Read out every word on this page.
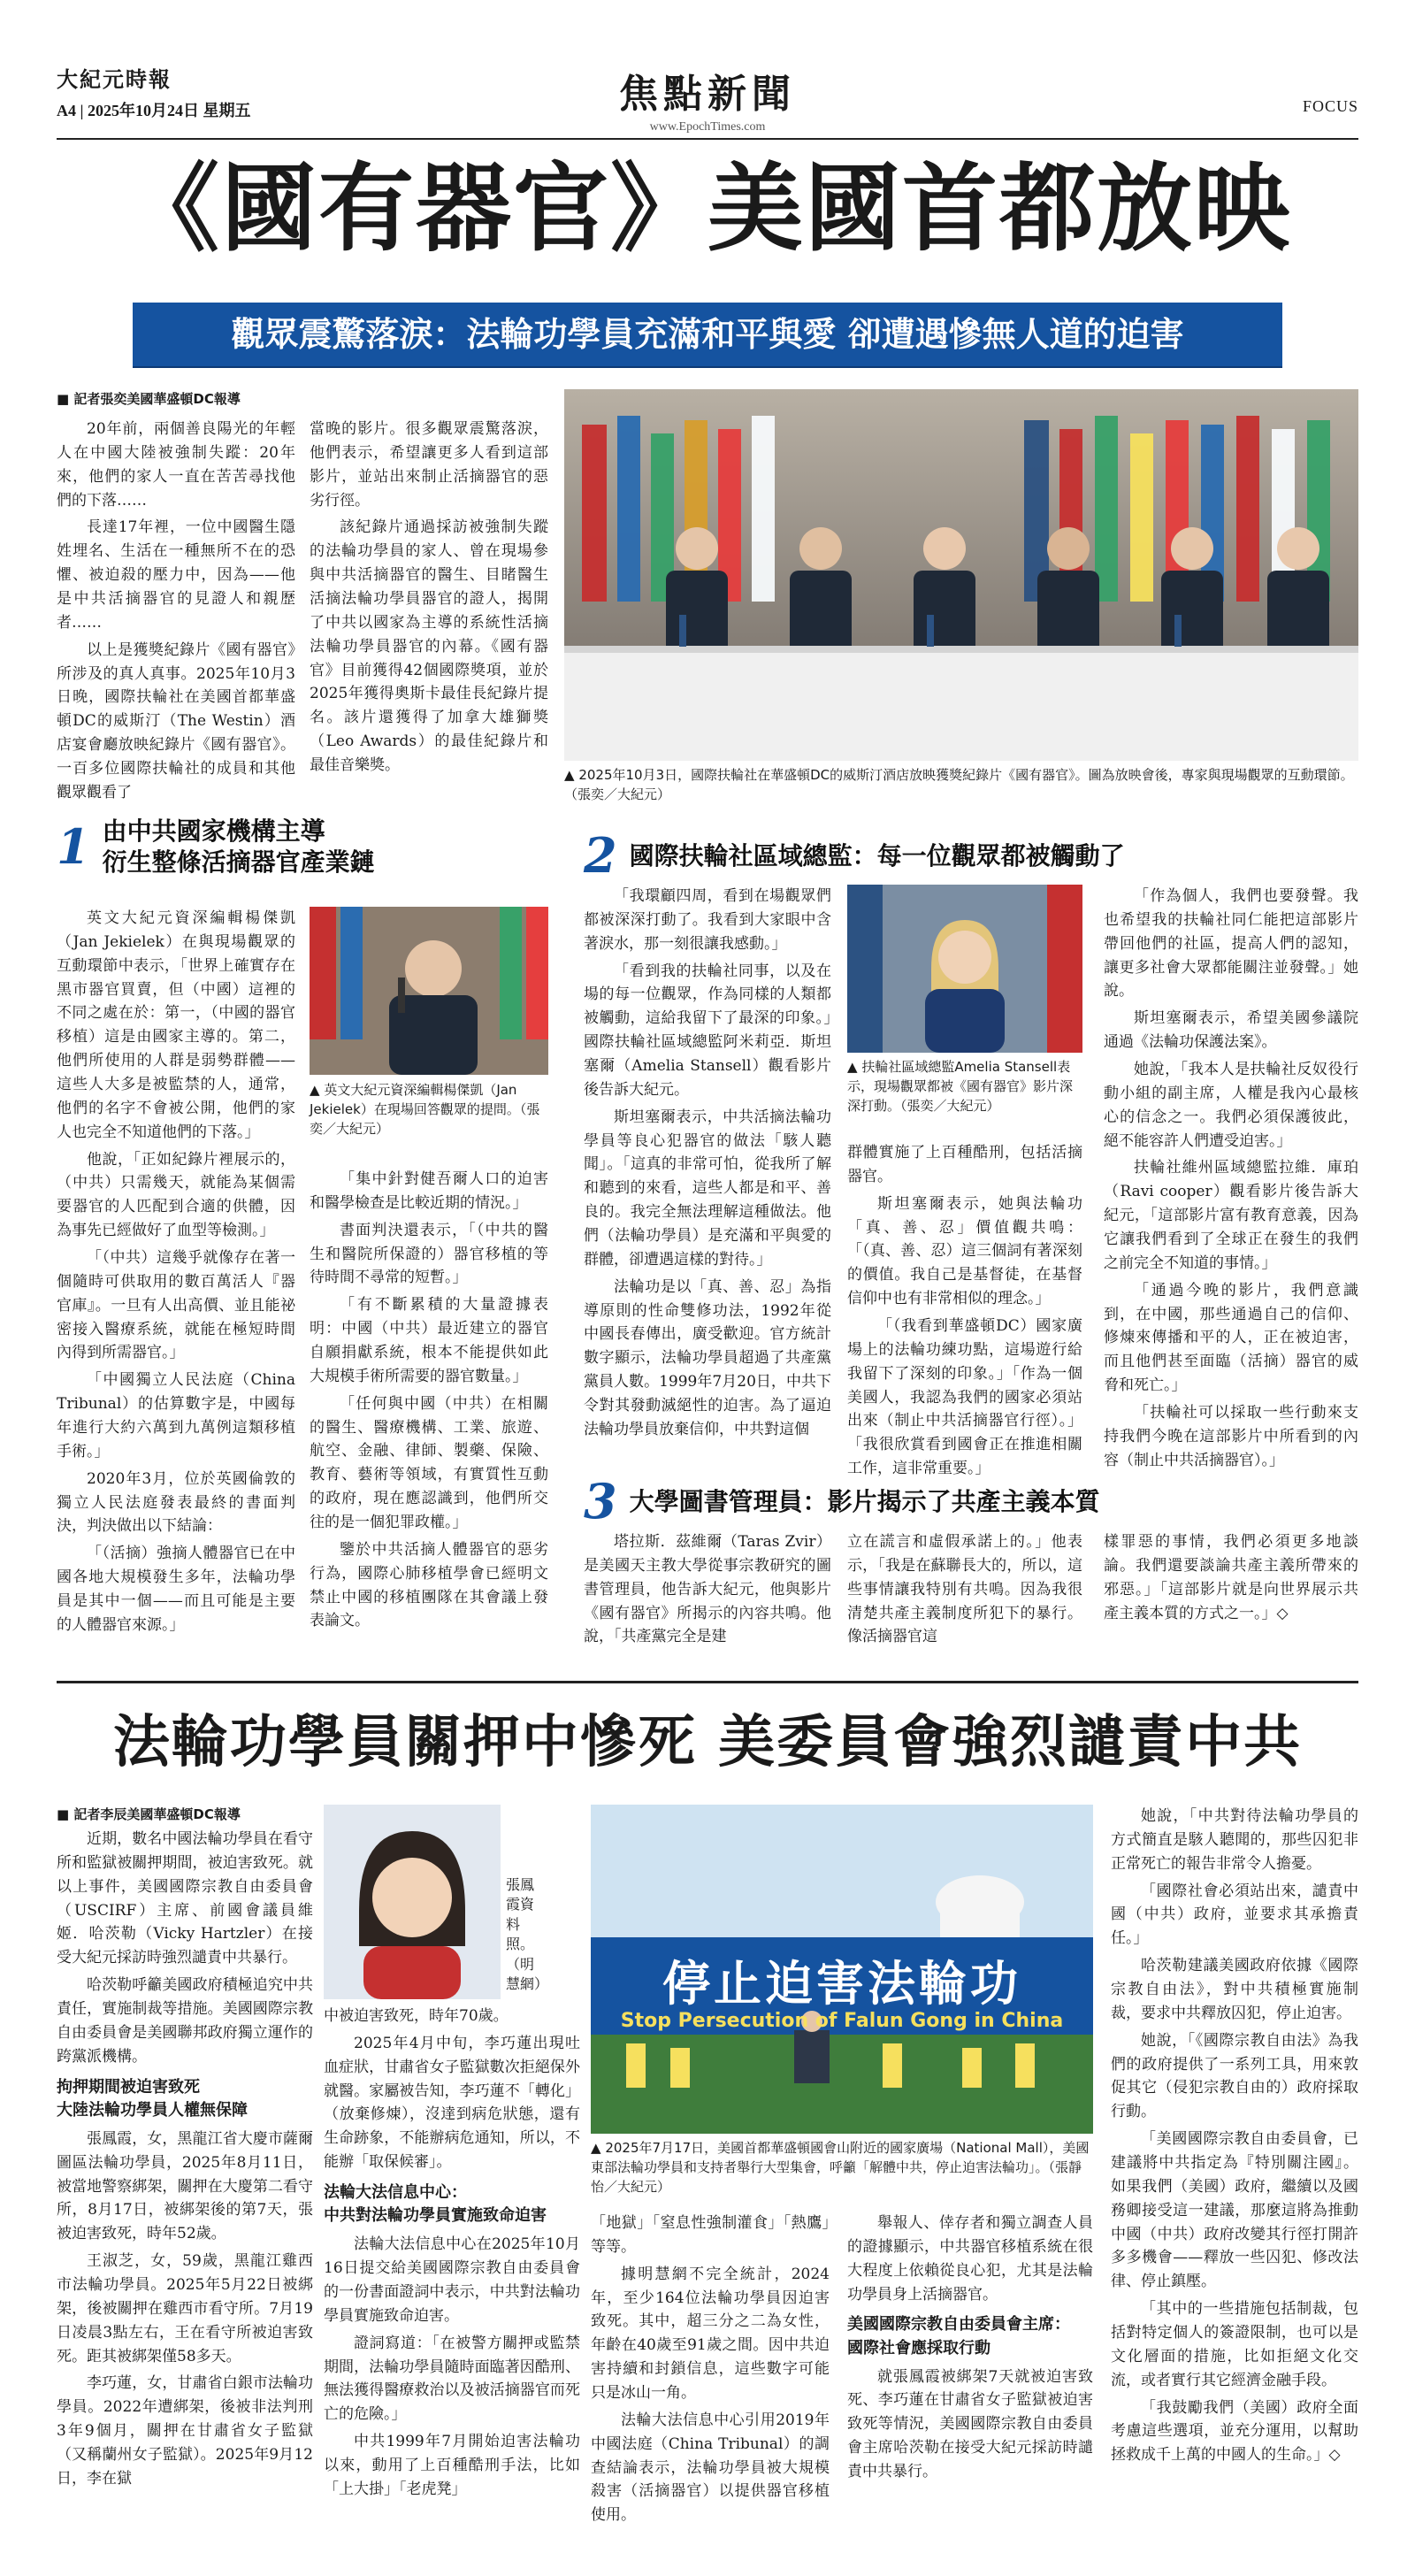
大紀元時報
A4 | 2025年10月24日 星期五	焦點新聞
www.EpochTimes.com
FOCUS
《國有器官》美國首都放映
觀眾震驚落淚：法輪功學員充滿和平與愛 卻遭遇慘無人道的迫害
■ 記者張奕美國華盛頓DC報導

20年前，兩個善良陽光的年輕人在中國大陸被強制失蹤：20年來，他們的家人一直在苦苦尋找他們的下落……

長達17年裡，一位中國醫生隱姓埋名、生活在一種無所不在的恐懼、被迫殺的壓力中，因為——他是中共活摘器官的見證人和親歷者……

以上是獲獎紀錄片《國有器官》所涉及的真人真事。2025年10月3日晚，國際扶輪社在美國首都華盛頓DC的威斯汀（The Westin）酒店宴會廳放映紀錄片《國有器官》。一百多位國際扶輪社的成員和其他觀眾觀看了

當晚的影片。很多觀眾震驚落淚，他們表示，希望讓更多人看到這部影片，並站出來制止活摘器官的惡劣行徑。

該紀錄片通過採訪被強制失蹤的法輪功學員的家人、曾在現場參與中共活摘器官的醫生、目睹醫生活摘法輪功學員器官的證人，揭開了中共以國家為主導的系統性活摘法輪功學員器官的內幕。《國有器官》目前獲得42個國際獎項，並於2025年獲得奧斯卡最佳長紀錄片提名。該片還獲得了加拿大雄獅獎（Leo Awards）的最佳紀錄片和最佳音樂獎。

▲ 2025年10月3日，國際扶輪社在華盛頓DC的威斯汀酒店放映獲獎紀錄片《國有器官》。圖為放映會後，專家與現場觀眾的互動環節。（張奕／大紀元）
1 由中共國家機構主導
衍生整條活摘器官產業鏈

英文大紀元資深編輯楊傑凱（Jan Jekielek）在與現場觀眾的互動環節中表示，「世界上確實存在黑市器官買賣，但（中國）這裡的不同之處在於：第一，（中國的器官移植）這是由國家主導的。第二，他們所使用的人群是弱勢群體——這些人大多是被監禁的人，通常，他們的名字不會被公開，他們的家人也完全不知道他們的下落。」

他說，「正如紀錄片裡展示的，（中共）只需幾天，就能為某個需要器官的人匹配到合適的供體，因為事先已經做好了血型等檢測。」

「（中共）這幾乎就像存在著一個隨時可供取用的數百萬活人『器官庫』。一旦有人出高價、並且能祕密接入醫療系統，就能在極短時間內得到所需器官。」

「中國獨立人民法庭（China Tribunal）的估算數字是，中國每年進行大約六萬到九萬例這類移植手術。」

2020年3月，位於英國倫敦的獨立人民法庭發表最終的書面判決，判決做出以下結論：

「（活摘）強摘人體器官已在中國各地大規模發生多年，法輪功學員是其中一個——而且可能是主要的人體器官來源。」

▲ 英文大紀元資深編輯楊傑凱（Jan Jekielek）在現場回答觀眾的提問。（張奕／大紀元）

「集中針對健吾爾人口的迫害和醫學檢查是比較近期的情況。」

書面判決還表示，「（中共的醫生和醫院所保證的）器官移植的等待時間不尋常的短暫。」

「有不斷累積的大量證據表明：中國（中共）最近建立的器官自願捐獻系統，根本不能提供如此大規模手術所需要的器官數量。」

「任何與中國（中共）在相關的醫生、醫療機構、工業、旅遊、航空、金融、律師、製藥、保險、教育、藝術等領域，有實質性互動的政府，現在應認識到，他們所交往的是一個犯罪政權。」

鑒於中共活摘人體器官的惡劣行為，國際心肺移植學會已經明文禁止中國的移植團隊在其會議上發表論文。

2 國際扶輪社區域總監：每一位觀眾都被觸動了

「我環顧四周，看到在場觀眾們都被深深打動了。我看到大家眼中含著淚水，那一刻很讓我感動。」

「看到我的扶輪社同事，以及在場的每一位觀眾，作為同樣的人類都被觸動，這給我留下了最深的印象。」國際扶輪社區域總監阿米莉亞．斯坦塞爾（Amelia Stansell）觀看影片後告訴大紀元。

斯坦塞爾表示，中共活摘法輪功學員等良心犯器官的做法「駭人聽聞」。「這真的非常可怕，從我所了解和聽到的來看，這些人都是和平、善良的。我完全無法理解這種做法。他們（法輪功學員）是充滿和平與愛的群體，卻遭遇這樣的對待。」

法輪功是以「真、善、忍」為指導原則的性命雙修功法，1992年從中國長春傳出，廣受歡迎。官方統計數字顯示，法輪功學員超過了共產黨黨員人數。1999年7月20日，中共下令對其發動滅絕性的迫害。為了逼迫法輪功學員放棄信仰，中共對這個

▲ 扶輪社區域總監Amelia Stansell表示，現場觀眾都被《國有器官》影片深深打動。（張奕／大紀元）

群體實施了上百種酷刑，包括活摘器官。

斯坦塞爾表示，她與法輪功「真、善、忍」價值觀共鳴：「（真、善、忍）這三個詞有著深刻的價值。我自己是基督徒，在基督信仰中也有非常相似的理念。」

「（我看到華盛頓DC）國家廣場上的法輪功練功點，這場遊行給我留下了深刻的印象。」「作為一個美國人，我認為我們的國家必須站出來（制止中共活摘器官行徑）。」「我很欣賞看到國會正在推進相關工作，這非常重要。」

「作為個人，我們也要發聲。我也希望我的扶輪社同仁能把這部影片帶回他們的社區，提高人們的認知，讓更多社會大眾都能關注並發聲。」她說。

斯坦塞爾表示，希望美國參議院通過《法輪功保護法案》。

她說，「我本人是扶輪社反奴役行動小組的副主席，人權是我內心最核心的信念之一。我們必須保護彼此，絕不能容許人們遭受迫害。」

扶輪社維州區域總監拉維．庫珀（Ravi cooper）觀看影片後告訴大紀元，「這部影片富有教育意義，因為它讓我們看到了全球正在發生的我們之前完全不知道的事情。」

「通過今晚的影片，我們意識到，在中國，那些通過自己的信仰、修煉來傳播和平的人，正在被迫害，而且他們甚至面臨（活摘）器官的威脅和死亡。」

「扶輪社可以採取一些行動來支持我們今晚在這部影片中所看到的內容（制止中共活摘器官）。」

3 大學圖書管理員：影片揭示了共產主義本質

塔拉斯．茲維爾（Taras Zvir）是美國天主教大學從事宗教研究的圖書管理員，他告訴大紀元，他與影片《國有器官》所揭示的內容共鳴。他說，「共產黨完全是建

立在謊言和虛假承諾上的。」他表示，「我是在蘇聯長大的，所以，這些事情讓我特別有共鳴。因為我很清楚共產主義制度所犯下的暴行。像活摘器官這

樣罪惡的事情，我們必須更多地談論。我們還要談論共產主義所帶來的邪惡。」「這部影片就是向世界展示共產主義本質的方式之一。」◇

法輪功學員關押中慘死 美委員會強烈譴責中共
■ 記者李辰美國華盛頓DC報導

近期，數名中國法輪功學員在看守所和監獄被關押期間，被迫害致死。就以上事件，美國國際宗教自由委員會（USCIRF）主席、前國會議員維姬．哈茨勒（Vicky Hartzler）在接受大紀元採訪時強烈譴責中共暴行。

哈茨勒呼籲美國政府積極追究中共責任，實施制裁等措施。美國國際宗教自由委員會是美國聯邦政府獨立運作的跨黨派機構。

拘押期間被迫害致死
大陸法輪功學員人權無保障

張鳳霞，女，黑龍江省大慶市薩爾圖區法輪功學員，2025年8月11日，被當地警察綁架，關押在大慶第二看守所，8月17日，被綁架後的第7天，張被迫害致死，時年52歲。

王淑芝，女，59歲，黑龍江雞西市法輪功學員。2025年5月22日被綁架，後被關押在雞西市看守所。7月19日凌晨3點左右，王在看守所被迫害致死。距其被綁架僅58多天。

李巧蓮，女，甘肅省白銀市法輪功學員。2022年遭綁架，後被非法判刑3年9個月，關押在甘肅省女子監獄（又稱蘭州女子監獄）。2025年9月12日，李在獄

張鳳霞資料照。（明慧網）

中被迫害致死，時年70歲。

2025年4月中旬，李巧蓮出現吐血症狀，甘肅省女子監獄數次拒絕保外就醫。家屬被告知，李巧蓮不「轉化」（放棄修煉），沒達到病危狀態，還有生命跡象，不能辦病危通知，所以，不能辦「取保候審」。

法輪大法信息中心：
中共對法輪功學員實施致命迫害

法輪大法信息中心在2025年10月16日提交給美國國際宗教自由委員會的一份書面證詞中表示，中共對法輪功學員實施致命迫害。

證詞寫道：「在被警方關押或監禁期間，法輪功學員隨時面臨著因酷刑、無法獲得醫療救治以及被活摘器官而死亡的危險。」

中共1999年7月開始迫害法輪功以來，動用了上百種酷刑手法，比如「上大掛」「老虎凳」

停止迫害法輪功
Stop Persecution of Falun Gong in China
▲ 2025年7月17日，美國首都華盛頓國會山附近的國家廣場（National Mall），美國東部法輪功學員和支持者舉行大型集會，呼籲「解體中共，停止迫害法輪功」。（張靜怡／大紀元）

「地獄」「窒息性強制灌食」「熱鷹」等等。

據明慧網不完全統計，2024年，至少164位法輪功學員因迫害致死。其中，超三分之二為女性，年齡在40歲至91歲之間。因中共迫害持續和封鎖信息，這些數字可能只是冰山一角。

法輪大法信息中心引用2019年中國法庭（China Tribunal）的調查結論表示，法輪功學員被大規模殺害（活摘器官）以提供器官移植使用。

舉報人、倖存者和獨立調查人員的證據顯示，中共器官移植系統在很大程度上依賴從良心犯，尤其是法輪功學員身上活摘器官。

美國國際宗教自由委員會主席：
國際社會應採取行動

就張鳳霞被綁架7天就被迫害致死、李巧蓮在甘肅省女子監獄被迫害致死等情況，美國國際宗教自由委員會主席哈茨勒在接受大紀元採訪時譴責中共暴行。

她說，「中共對待法輪功學員的方式簡直是駭人聽聞的，那些囚犯非正常死亡的報告非常令人擔憂。

「國際社會必須站出來，譴責中國（中共）政府，並要求其承擔責任。」

哈茨勒建議美國政府依據《國際宗教自由法》，對中共積極實施制裁，要求中共釋放囚犯，停止迫害。

她說，「《國際宗教自由法》為我們的政府提供了一系列工具，用來敦促其它（侵犯宗教自由的）政府採取行動。

「美國國際宗教自由委員會，已建議將中共指定為『特別關注國』。如果我們（美國）政府，繼續以及國務卿接受這一建議，那麼這將為推動中國（中共）政府改變其行徑打開許多多機會——釋放一些囚犯、修改法律、停止鎮壓。

「其中的一些措施包括制裁，包括對特定個人的簽證限制，也可以是文化層面的措施，比如拒絕文化交流，或者實行其它經濟金融手段。

「我鼓勵我們（美國）政府全面考慮這些選項，並充分運用，以幫助拯救成千上萬的中國人的生命。」◇
